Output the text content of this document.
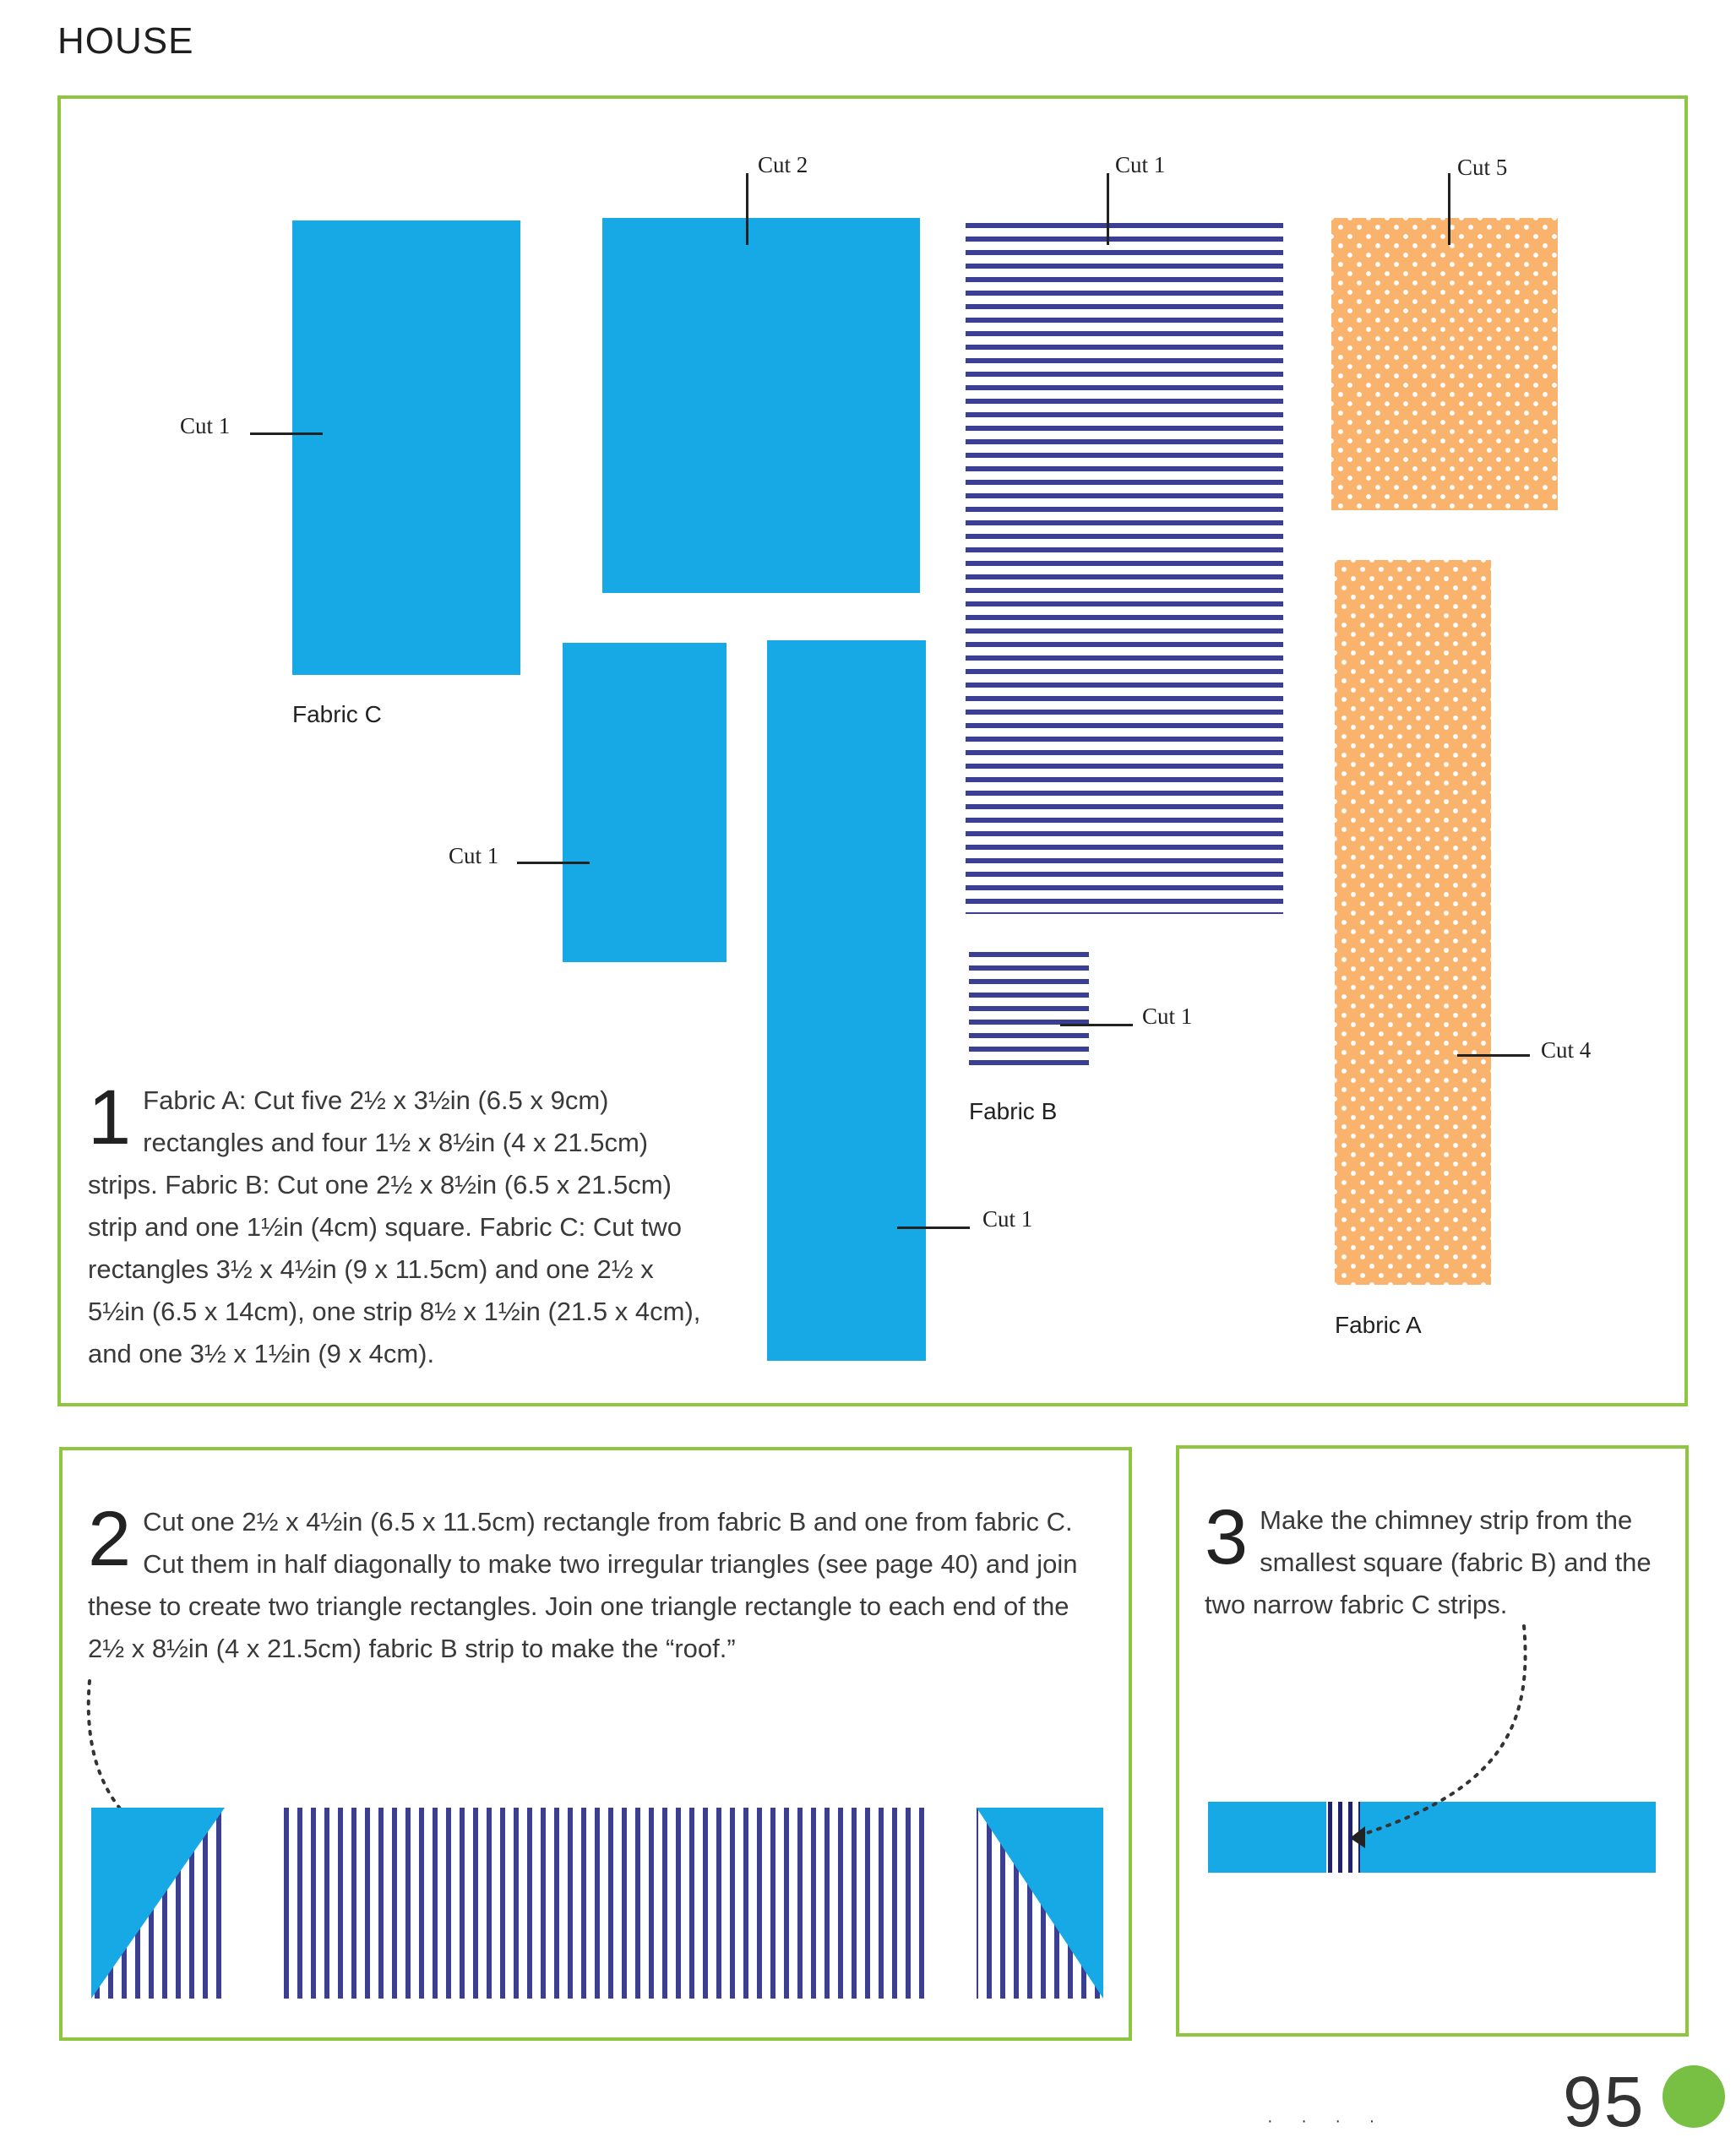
HOUSE
Cut 1
Cut 2
Cut 1
Cut 1
Cut 1
Cut 1
Cut 5
Cut 4
Fabric C
Fabric B
Fabric A
1 Fabric A: Cut five 2½ x 3½in (6.5 x 9cm) rectangles and four 1½ x 8½in (4 x 21.5cm) strips. Fabric B: Cut one 2½ x 8½in (6.5 x 21.5cm) strip and one 1½in (4cm) square. Fabric C: Cut two rectangles 3½ x 4½in (9 x 11.5cm) and one 2½ x 5½in (6.5 x 14cm), one strip 8½ x 1½in (21.5 x 4cm), and one 3½ x 1½in (9 x 4cm).
2 Cut one 2½ x 4½in (6.5 x 11.5cm) rectangle from fabric B and one from fabric C. Cut them in half diagonally to make two irregular triangles (see page 40) and join these to create two triangle rectangles. Join one triangle rectangle to each end of the 2½ x 8½in (4 x 21.5cm) fabric B strip to make the “roof.”
3 Make the chimney strip from the smallest square (fabric B) and the two narrow fabric C strips.
· · · · 95
